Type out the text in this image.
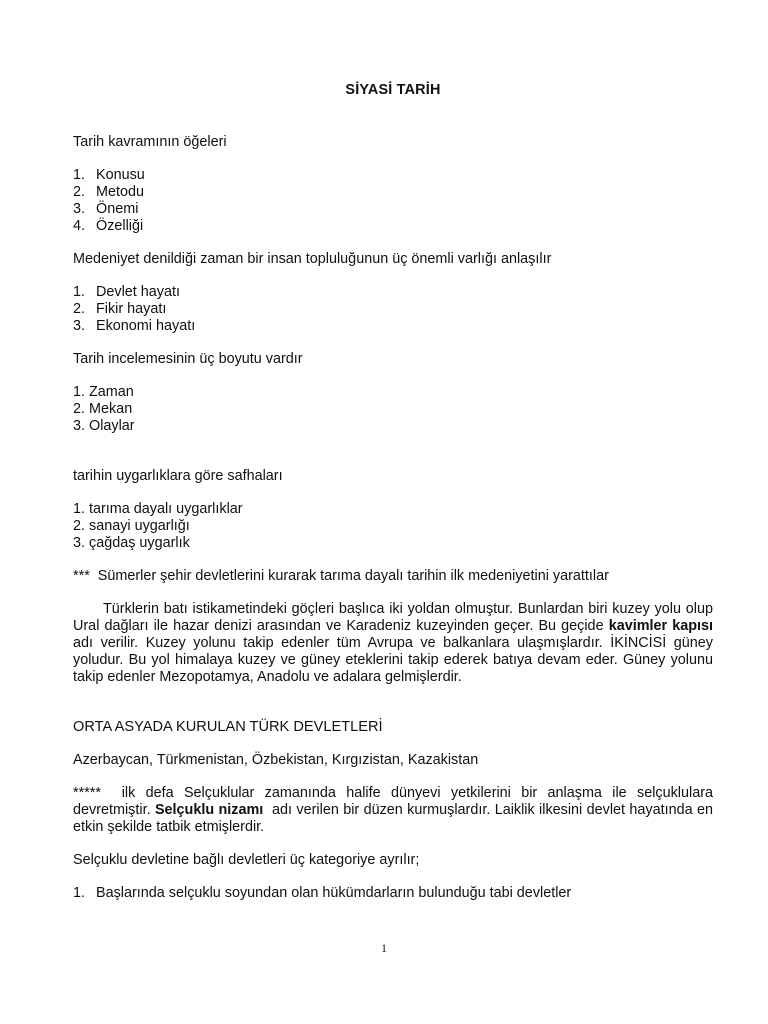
SİYASİ TARİH

Tarih kavramının öğeleri

1. Konusu
2. Metodu
3. Önemi
4. Özelliği

Medeniyet denildiği zaman bir insan topluluğunun üç önemli varlığı anlaşılır

1. Devlet hayatı
2. Fikir hayatı
3. Ekonomi hayatı

Tarih incelemesinin üç boyutu vardır

1. Zaman
2. Mekan
3. Olaylar

tarihin uygarlıklara göre safhaları

1. tarıma dayalı uygarlıklar
2. sanayi uygarlığı
3. çağdaş uygarlık

***  Sümerler şehir devletlerini kurarak tarıma dayalı tarihin ilk medeniyetini yarattılar

Türklerin batı istikametindeki göçleri başlıca iki yoldan olmuştur. Bunlardan biri kuzey yolu olup Ural dağları ile hazar denizi arasından ve Karadeniz kuzeyinden geçer. Bu geçide kavimler kapısı adı verilir. Kuzey yolunu takip edenler tüm Avrupa ve balkanlara ulaşmışlardır. İKİNCİSİ güney yoludur. Bu yol himalaya kuzey ve güney eteklerini takip ederek batıya devam eder. Güney yolunu takip edenler Mezopotamya, Anadolu ve adalara gelmişlerdir.

ORTA ASYADA KURULAN TÜRK DEVLETLERİ

Azerbaycan, Türkmenistan, Özbekistan, Kırgızistan, Kazakistan

*****  ilk defa Selçuklular zamanında halife dünyevi yetkilerini bir anlaşma ile selçuklulara devretmiştir. Selçuklu nizamı  adı verilen bir düzen kurmuşlardır. Laiklik ilkesini devlet hayatında en etkin şekilde tatbik etmişlerdir.

Selçuklu devletine bağlı devletleri üç kategoriye ayrılır;

1. Başlarında selçuklu soyundan olan hükümdarların bulunduğu tabi devletler
1
